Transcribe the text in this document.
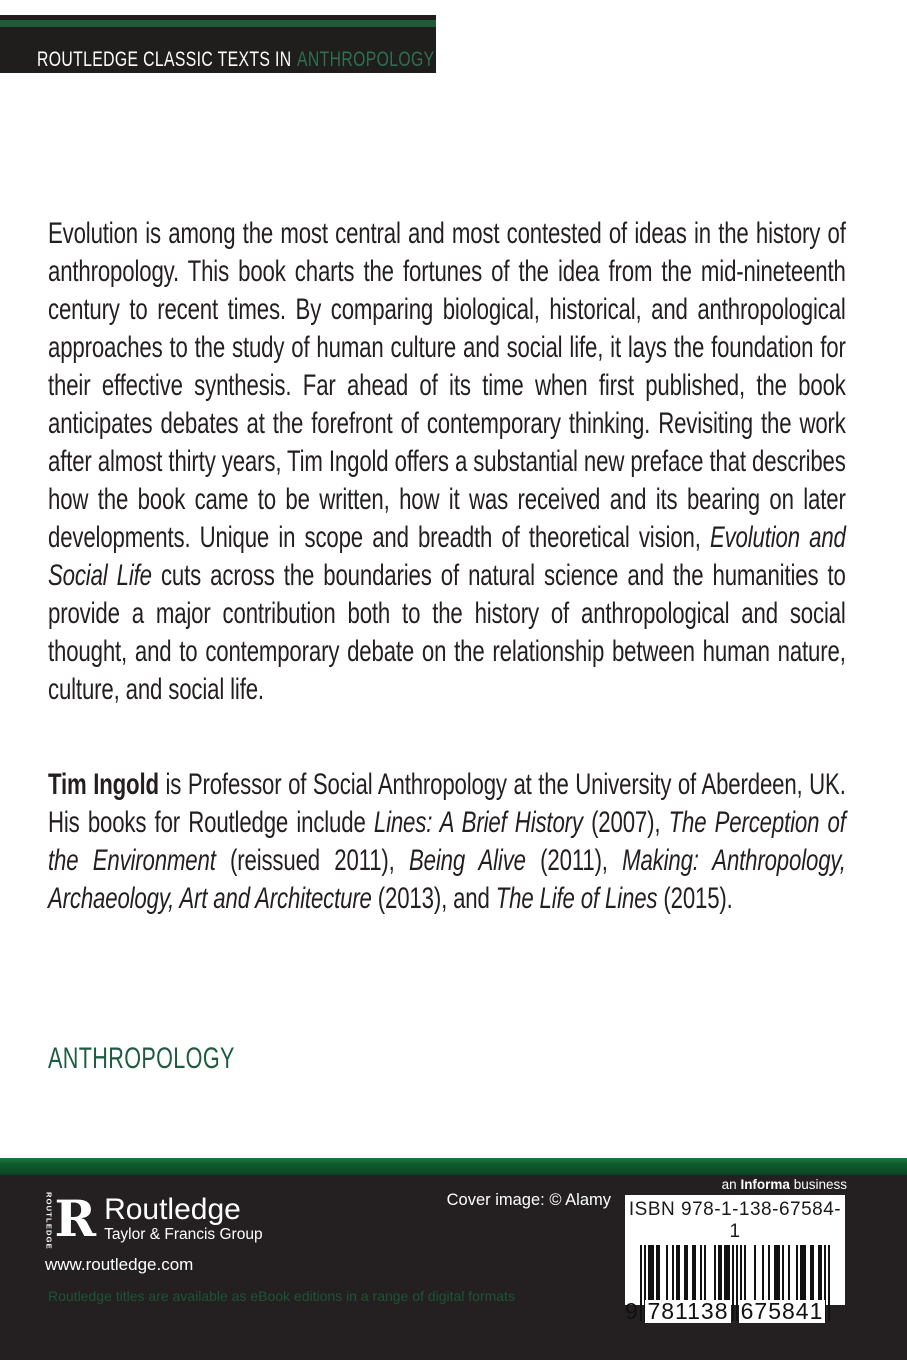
ROUTLEDGE CLASSIC TEXTS IN ANTHROPOLOGY

Evolution is among the most central and most contested of ideas in the history of anthropology. This book charts the fortunes of the idea from the mid-nineteenth century to recent times. By comparing biological, historical, and anthropological approaches to the study of human culture and social life, it lays the foundation for their effective synthesis. Far ahead of its time when first published, the book anticipates debates at the forefront of contemporary thinking. Revisiting the work after almost thirty years, Tim Ingold offers a substantial new preface that describes how the book came to be written, how it was received and its bearing on later developments. Unique in scope and breadth of theoretical vision, Evolution and Social Life cuts across the boundaries of natural science and the humanities to provide a major contribution both to the history of anthropological and social thought, and to contemporary debate on the relationship between human nature, culture, and social life.

Tim Ingold is Professor of Social Anthropology at the University of Aberdeen, UK. His books for Routledge include Lines: A Brief History (2007), The Perception of the Environment (reissued 2011), Being Alive (2011), Making: Anthropology, Archaeology, Art and Architecture (2013), and The Life of Lines (2015).

ANTHROPOLOGY
ROUTLEDGE R Routledge
Taylor & Francis Group
www.routledge.com
Routledge titles are available as eBook editions in a range of digital formats
Cover image: © Alamy
an Informa business
ISBN 978-1-138-67584-1
9 781138 675841
